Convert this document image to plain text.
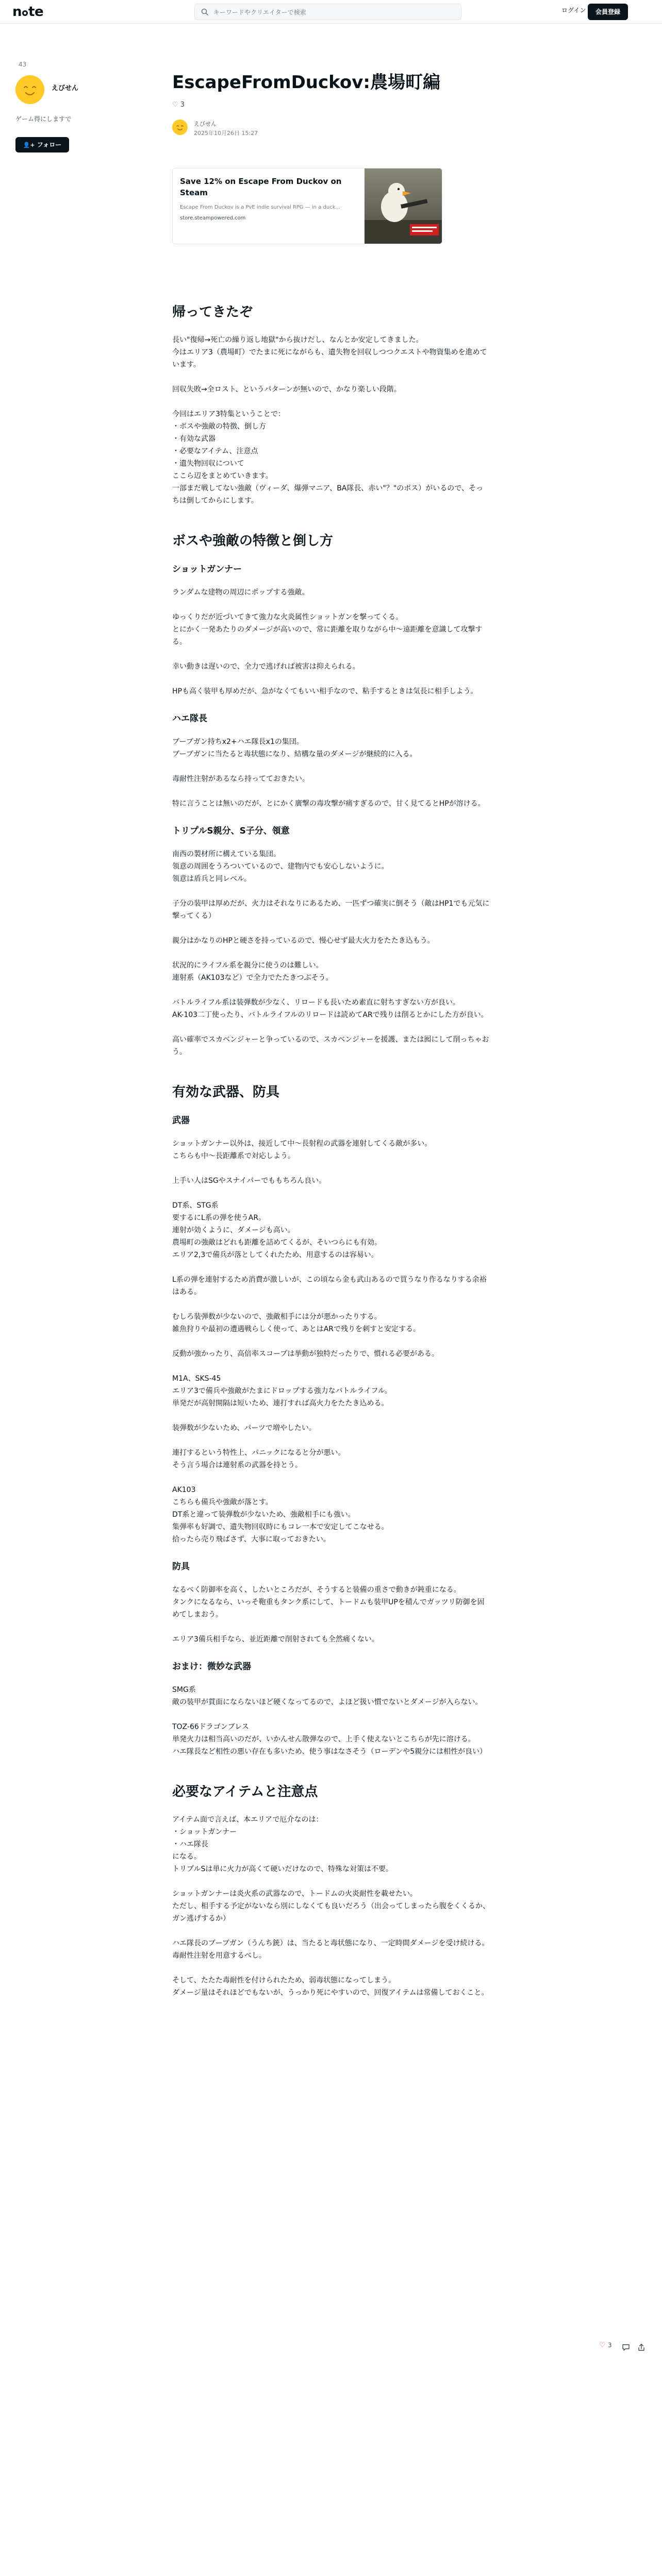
n te
キーワードやクリエイターで検索	ログイン	会員登録
43
えびせん
ゲーム得にしますで
👤+ フォロー
EscapeFromDuckov:農場町編
♡ 3
えびせん
2025年10月26日 15:27
Save 12% on Escape From Duckov on Steam
Escape From Duckov is a PvE indie survival RPG — in a duck...
store.steampowered.com
帰ってきたぞ

長い"復帰→死亡の繰り返し地獄"から抜けだし、なんとか安定してきました。
今はエリア3（農場町）でたまに死にながらも、遺失物を回収しつつクエストや物資集めを進めています。

回収失敗→全ロスト、というパターンが無いので、かなり楽しい段階。

今回はエリア3特集ということで：
・ボスや強敵の特徴、倒し方
・有効な武器
・必要なアイテム、注意点
・遺失物回収について
ここら辺をまとめていきます。
一部まだ戦してない強敵（ヴィーダ、爆弾マニア、BA隊長、赤い"？"のボス）がいるので、そっちは倒してからにします。

ボスや強敵の特徴と倒し方
ショットガンナー

ランダムな建物の周辺にポップする強敵。

ゆっくりだが近づいてきて強力な火炎属性ショットガンを撃ってくる。
とにかく一発あたりのダメージが高いので、常に距離を取りながら中～遠距離を意識して攻撃する。

幸い動きは遅いので、全力で逃げれば被害は抑えられる。

HPも高く装甲も厚めだが、急がなくてもいい相手なので、粘手するときは気長に相手しよう。

ハエ隊長

ブーブガン持ちx2+ハエ隊長x1の集団。
ブーブガンに当たると毒状態になり、結構な量のダメージが継続的に入る。

毒耐性注射があるなら持ってておきたい。

特に言うことは無いのだが、とにかく廣撃の毒攻撃が痛すぎるので、甘く見てるとHPが溶ける。

トリプルS親分、S子分、領意

南西の製材所に構えている集団。
領意の周囲をうろついているので、建物内でも安心しないように。
領意は盾兵と同レベル。

子分の装甲は厚めだが、火力はそれなりにあるため、一匹ずつ確実に倒そう（敵はHP1でも元気に撃ってくる）

親分はかなりのHPと硬さを持っているので、慢心せず最大火力をたたき込もう。

状況的にライフル系を親分に使うのは難しい。
連射系（AK103など）で全力でたたきつぶそう。

バトルライフル系は装弾数が少なく、リロードも長いため素直に射ちすぎない方が良い。
AK-103二丁使ったり、バトルライフルのリロードは読めてARで残りは削るとかにした方が良い。

高い確率でスカベンジャーと争っているので、スカベンジャーを援護、または囮にして削っちゃおう。

有効な武器、防具
武器

ショットガンナー以外は、接近して中～長射程の武器を連射してくる敵が多い。
こちらも中～長距離系で対応しよう。

上手い人はSGやスナイパーでももちろん良い。

DT系、STG系
要するにL系の弾を使うAR。
連射が効くように、ダメージも高い。
農場町の強敵はどれも距離を詰めてくるが、そいつらにも有効。
エリア2,3で備兵が落としてくれたため、用意するのは容易い。

L系の弾を連射するため消費が激しいが、この頃なら金も武山あるので買うなり作るなりする余裕はある。

むしろ装弾数が少ないので、強敵相手には分が悪かったりする。
雑魚狩りや最初の遭遇戦らしく使って、あとはARで残りを刺すと安定する。

反動が強かったり、高倍率スコープは挙動が独特だったりで、慣れる必要がある。

M1A、SKS-45
エリア3で備兵や強敵がたまにドロップする強力なバトルライフル。
単発だが高射開隔は短いため、連打すれば高火力をたたき込める。

装弾数が少ないため、パーツで増やしたい。

連打するという特性上、パニックになると分が悪い。
そう言う場合は連射系の武器を持とう。

AK103
こちらも備兵や強敵が落とす。
DT系と違って装弾数が少ないため、強敵相手にも強い。
集弾率も好調で、遺失物回収時にもコレ一本で安定してこなせる。
拾ったら売り飛ばさず、大事に取っておきたい。

防具

なるべく防御率を高く、したいところだが、そうすると装備の重さで動きが鈍重になる。
タンクになるなら、いっそ鞄重もタンク系にして、トードムも装甲UPを積んでガッツリ防御を固めてしまおう。

エリア3備兵相手なら、並近距離で削射されても全然痛くない。

おまけ：微妙な武器

SMG系
敵の装甲が貫面にならないほど硬くなってるので、よほど扱い慣でないとダメージが入らない。

TOZ-66ドラゴンブレス
単発火力は相当高いのだが、いかんせん散弾なので、上手く使えないとこちらが先に溶ける。
ハエ隊長など相性の悪い存在も多いため、使う事はなさそう（ローデンや5親分には相性が良い）

必要なアイテムと注意点

アイテム面で言えば、本エリアで厄介なのは：
・ショットガンナー
・ハエ隊長
になる。
トリプルSは単に火力が高くて硬いだけなので、特殊な対策は不要。

ショットガンナーは炎火系の武器なので、トードムの火炎耐性を載せたい。
ただし、相手する予定がないなら別にしなくても良いだろう（出会ってしまったら腹をくくるか、ガン逃げするか）

ハエ隊長のブーブガン（うんち銃）は、当たると毒状態になり、一定時間ダメージを受け続ける。
毒耐性注射を用意するべし。

そして、たたた毒耐性を付けられたため、弱毒状態になってしまう。
ダメージ量はそれほどでもないが、うっかり死にやすいので、回復アイテムは常備しておくこと。

♡ 3
